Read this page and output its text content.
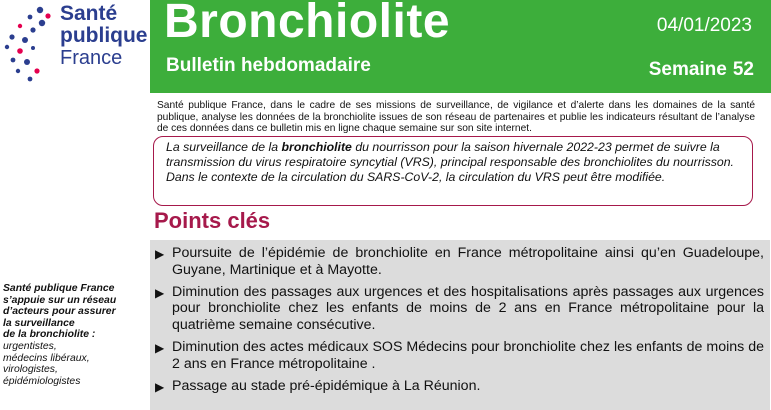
Santé
publique
France
Bronchiolite
Bulletin hebdomadaire
04/01/2023
Semaine 52
Santé publique France, dans le cadre de ses missions de surveillance, de vigilance et d’alerte dans les domaines de la santé publique, analyse les données de la bronchiolite issues de son réseau de partenaires et publie les indicateurs résultant de l’analyse de ces données dans ce bulletin mis en ligne chaque semaine sur son site internet.
La surveillance de la bronchiolite du nourrisson pour la saison hivernale 2022-23 permet de suivre la transmission du virus respiratoire syncytial (VRS), principal responsable des bronchiolites du nourrisson. Dans le contexte de la circulation du SARS-CoV-2, la circulation du VRS peut être modifiée.
Points clés
▶ Poursuite de l’épidémie de bronchiolite en France métropolitaine ainsi qu’en Guadeloupe, Guyane, Martinique et à Mayotte.
▶ Diminution des passages aux urgences et des hospitalisations après passages aux urgences pour bronchiolite chez les enfants de moins de 2 ans en France métropolitaine pour la quatrième semaine consécutive.
▶ Diminution des actes médicaux SOS Médecins pour bronchiolite chez les enfants de moins de 2 ans en France métropolitaine .
▶ Passage au stade pré-épidémique à La Réunion.
Santé publique France
s’appuie sur un réseau
d’acteurs pour assurer
la surveillance
de la bronchiolite :
urgentistes,
médecins libéraux,
virologistes,
épidémiologistes
